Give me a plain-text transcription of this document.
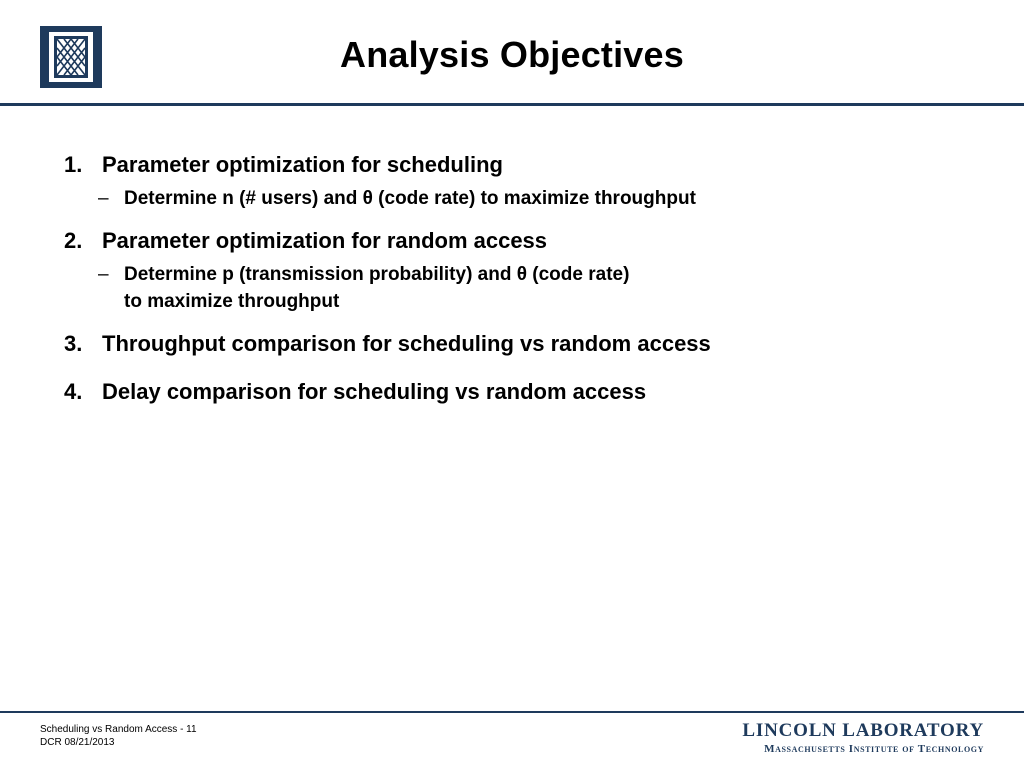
Analysis Objectives
1. Parameter optimization for scheduling
– Determine n (# users) and θ (code rate) to maximize throughput
2. Parameter optimization for random access
– Determine p (transmission probability) and θ (code rate)
to maximize throughput
3. Throughput comparison for scheduling vs random access
4. Delay comparison for scheduling vs random access
Scheduling vs Random Access - 11
DCR 08/21/2013
LINCOLN LABORATORY
Massachusetts Institute of Technology
